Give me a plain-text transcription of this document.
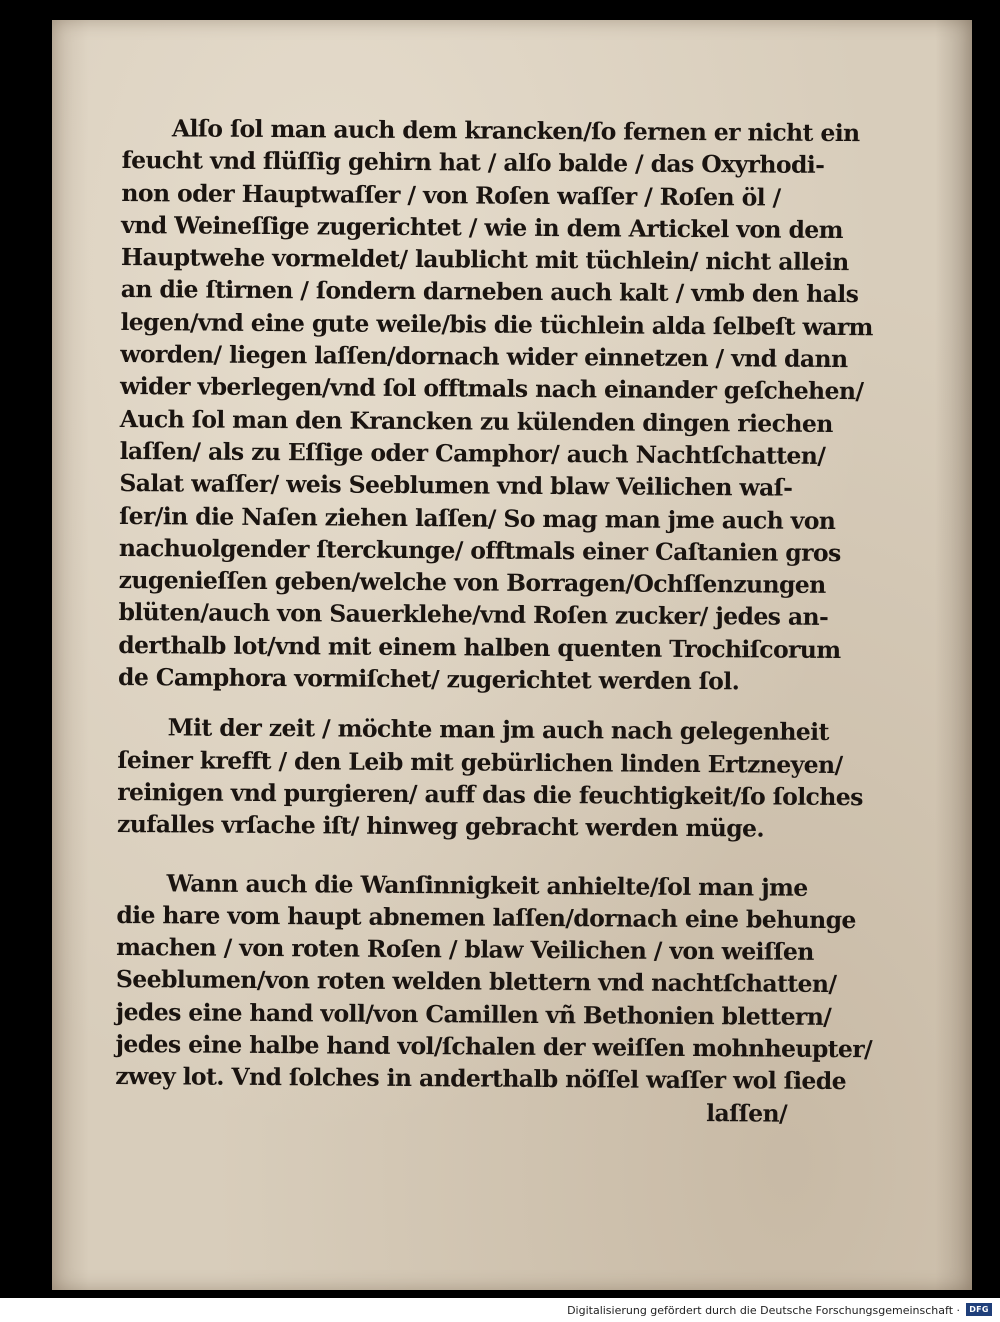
Alſo ſol man auch dem krancken/ſo fernen er nicht ein
feucht vnd flüſſig gehirn hat / alſo balde / das Oxyrhodi-
non oder Hauptwaſſer / von Roſen waſſer / Roſen öl /
vnd Weineſſige zugerichtet / wie in dem Artickel von dem
Hauptwehe vormeldet/ laublicht mit tüchlein/ nicht allein
an die ſtirnen / ſondern darneben auch kalt / vmb den hals
legen/vnd eine gute weile/bis die tüchlein alda ſelbeſt warm
worden/ liegen laſſen/dornach wider einnetzen / vnd dann
wider vberlegen/vnd ſol offtmals nach einander geſchehen/
Auch ſol man den Krancken zu külenden dingen riechen
laſſen/ als zu Eſſige oder Camphor/ auch Nachtſchatten/
Salat waſſer/ weis Seeblumen vnd blaw Veilichen waſ-
ſer/in die Naſen ziehen laſſen/ So mag man jme auch von
nachuolgender ſterckunge/ offtmals einer Caſtanien gros
zugenieſſen geben/welche von Borragen/Ochſſenzungen
blüten/auch von Sauerklehe/vnd Roſen zucker/ jedes an-
derthalb lot/vnd mit einem halben quenten Trochiſcorum
de Camphora vormiſchet/ zugerichtet werden ſol.
Mit der zeit / möchte man jm auch nach gelegenheit
ſeiner krefft / den Leib mit gebürlichen linden Ertzneyen/
reinigen vnd purgieren/ auff das die feuchtigkeit/ſo ſolches
zufalles vrſache iſt/ hinweg gebracht werden müge.
Wann auch die Wanſinnigkeit anhielte/ſol man jme
die hare vom haupt abnemen laſſen/dornach eine behunge
machen / von roten Roſen / blaw Veilichen / von weiſſen
Seeblumen/von roten welden blettern vnd nachtſchatten/
jedes eine hand voll/von Camillen vñ Bethonien blettern/
jedes eine halbe hand vol/ſchalen der weiſſen mohnheupter/
zwey lot. Vnd ſolches in anderthalb nöſſel waſſer wol ſiede
laſſen/
Digitalisierung gefördert durch die Deutsche Forschungsgemeinschaft ·	DFG
